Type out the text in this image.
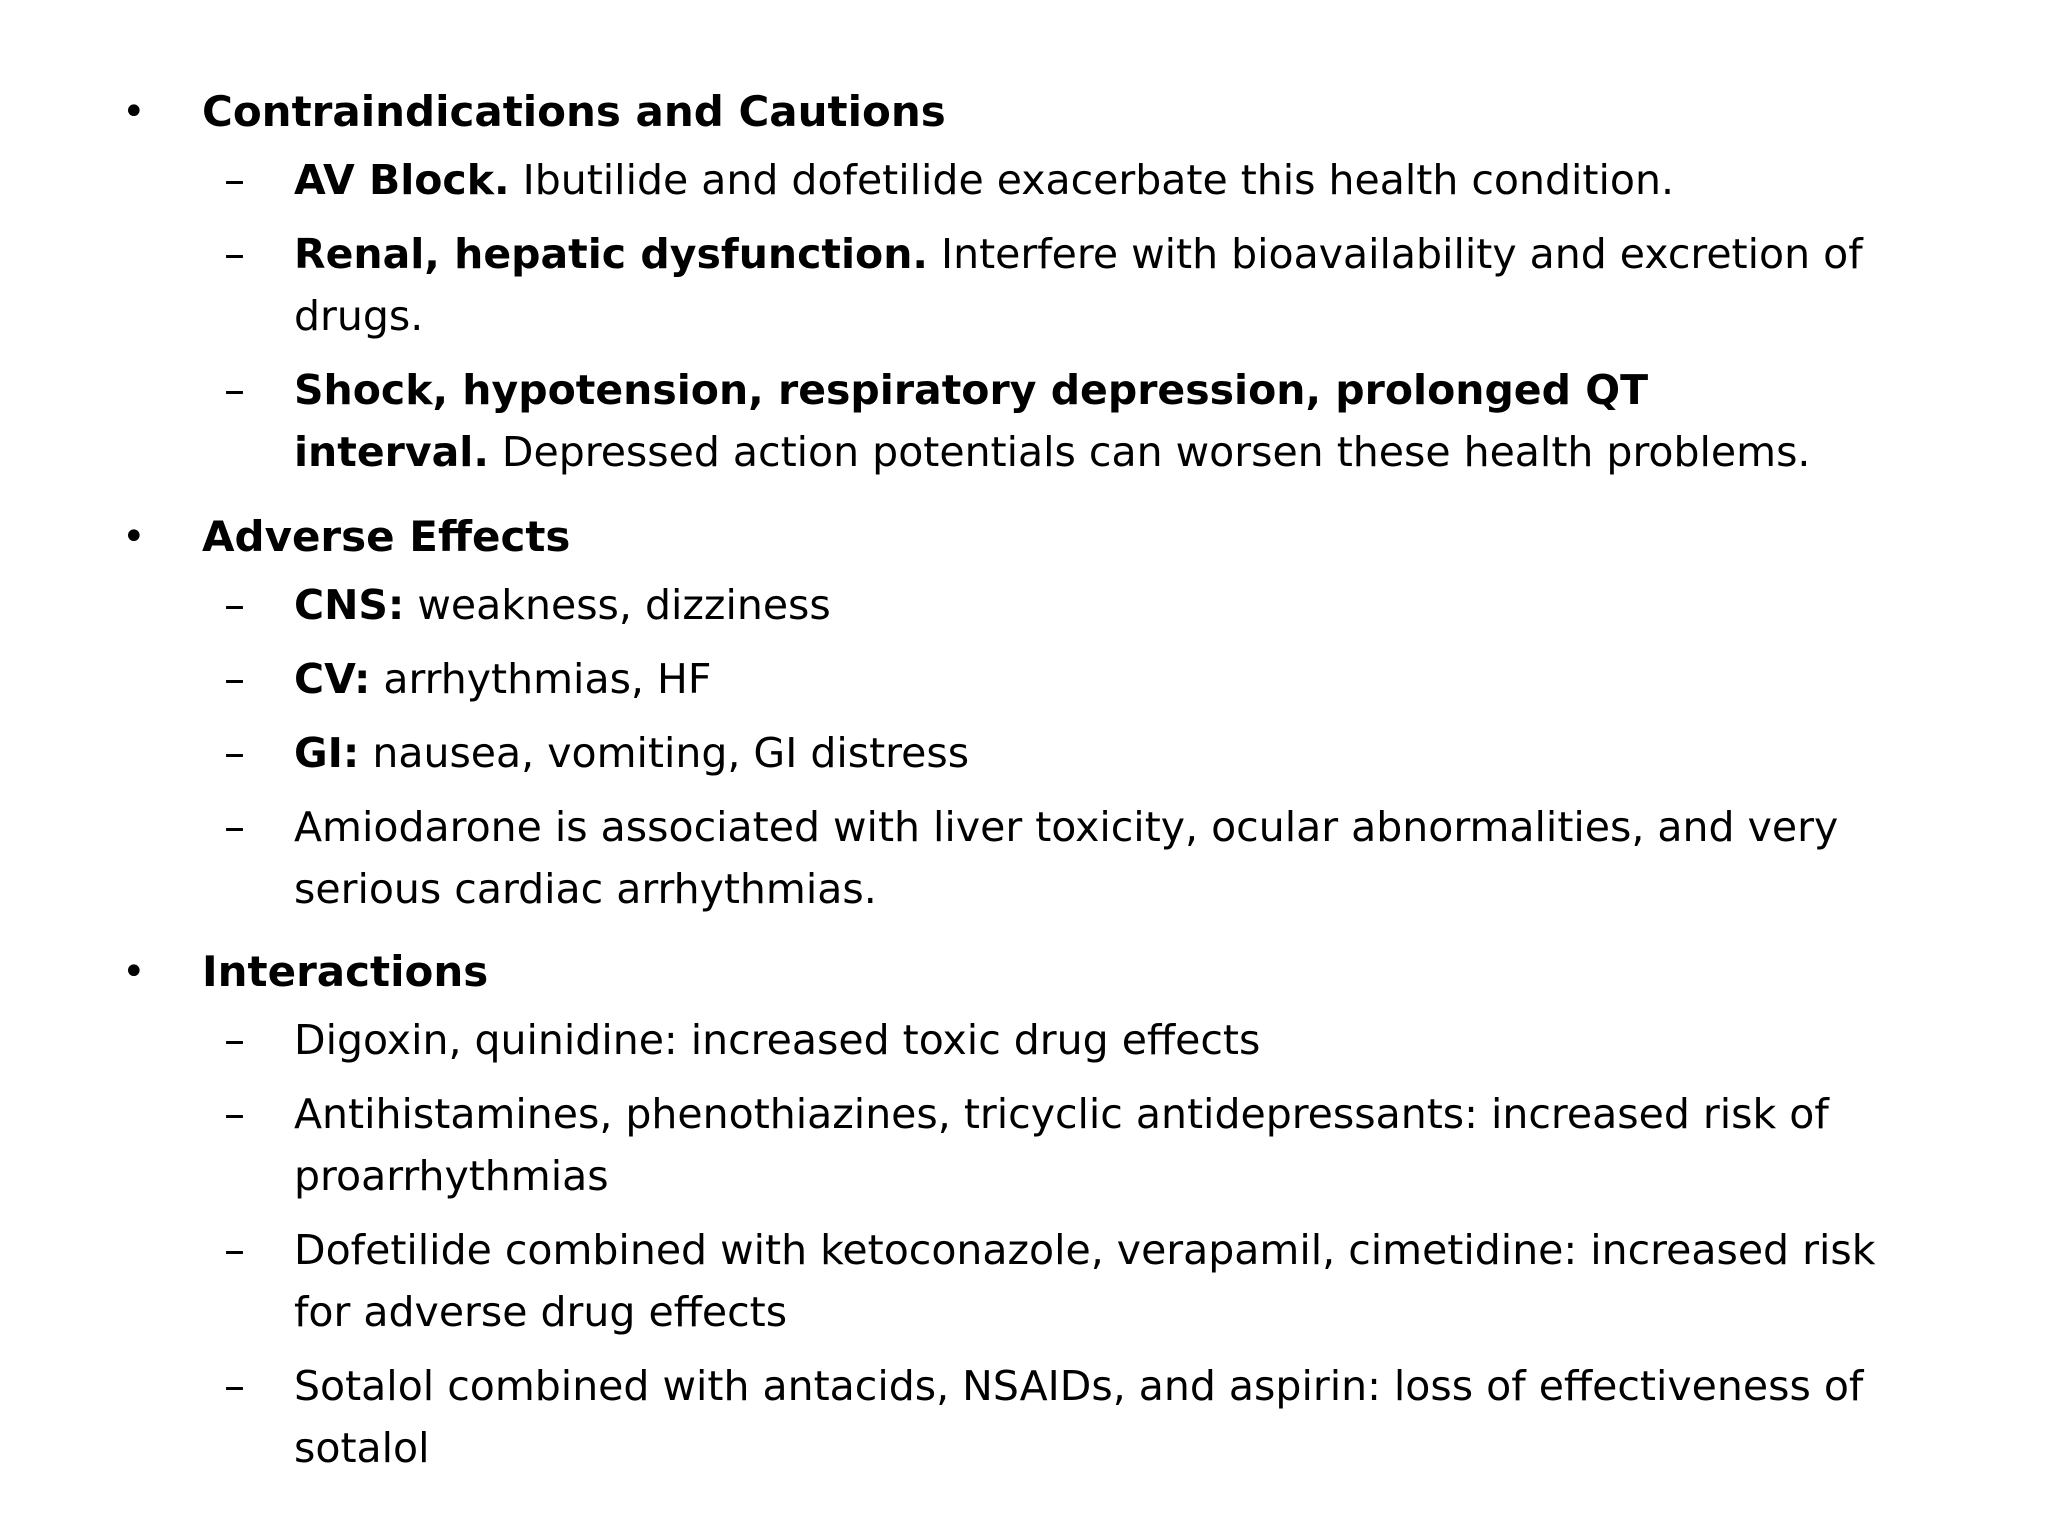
• Contraindications and Cautions
– AV Block. Ibutilide and dofetilide exacerbate this health condition.
– Renal, hepatic dysfunction. Interfere with bioavailability and excretion of
drugs.
– Shock, hypotension, respiratory depression, prolonged QT
interval. Depressed action potentials can worsen these health problems.
• Adverse Effects
– CNS: weakness, dizziness
– CV: arrhythmias, HF
– GI: nausea, vomiting, GI distress
– Amiodarone is associated with liver toxicity, ocular abnormalities, and very
serious cardiac arrhythmias.
• Interactions
– Digoxin, quinidine: increased toxic drug effects
– Antihistamines, phenothiazines, tricyclic antidepressants: increased risk of
proarrhythmias
– Dofetilide combined with ketoconazole, verapamil, cimetidine: increased risk
for adverse drug effects
– Sotalol combined with antacids, NSAIDs, and aspirin: loss of effectiveness of
sotalol
